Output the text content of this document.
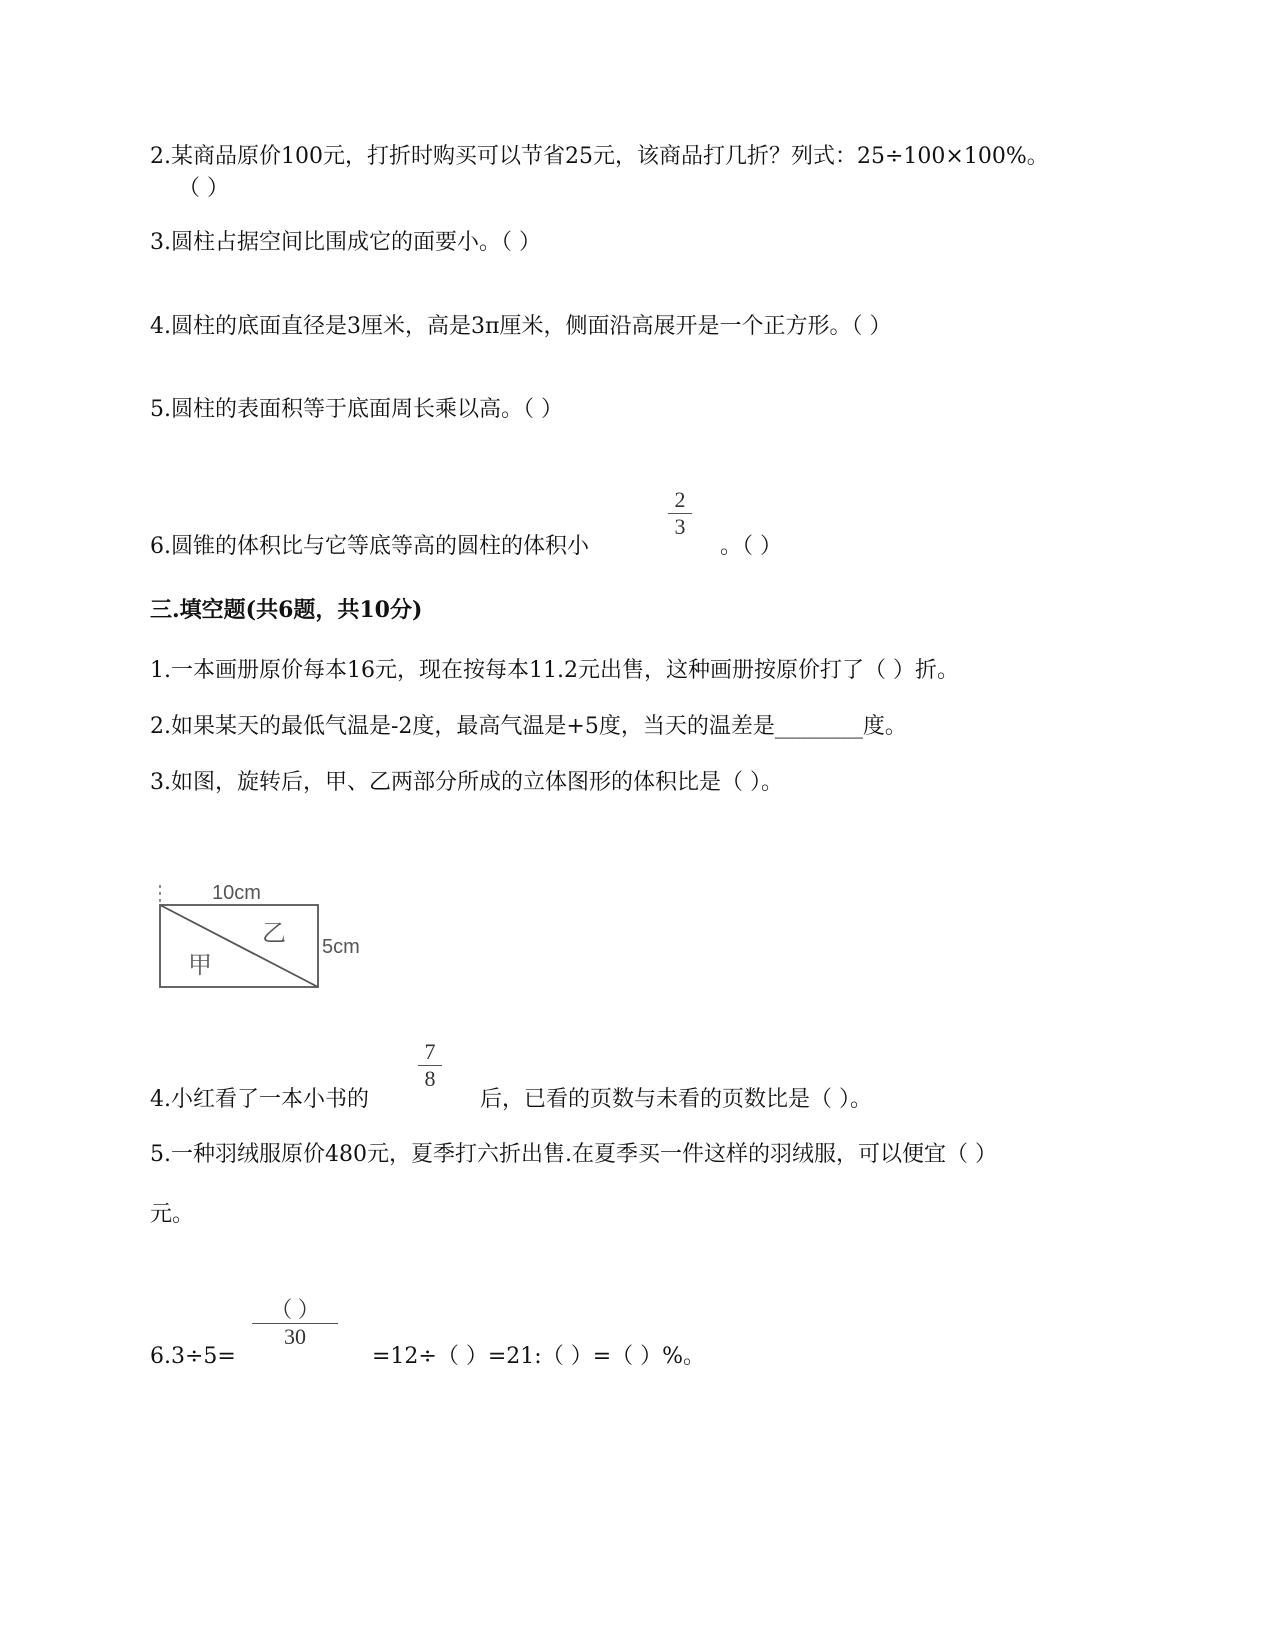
2.某商品原价100元，打折时购买可以节省25元，该商品打几折？列式：25÷100×100%。
（ ）
3.圆柱占据空间比围成它的面要小。（ ）
4.圆柱的底面直径是3厘米，高是3π厘米，侧面沿高展开是一个正方形。（ ）
5.圆柱的表面积等于底面周长乘以高。（ ）
6.圆锥的体积比与它等底等高的圆柱的体积小
2
3
。（ ）
三.填空题(共6题，共10分)
1.一本画册原价每本16元，现在按每本11.2元出售，这种画册按原价打了（ ）折。
2.如果某天的最低气温是-2度，最高气温是+5度，当天的温差是________度。
3.如图，旋转后，甲、乙两部分所成的立体图形的体积比是（ ）。
10cm
5cm
甲
乙
4.小红看了一本小书的
7
8
后，已看的页数与未看的页数比是（ ）。
5.一种羽绒服原价480元，夏季打六折出售.在夏季买一件这样的羽绒服，可以便宜（ ）
元。
6.3÷5=
（ ）
30
=12÷（ ）=21:（ ）=（ ）%。
